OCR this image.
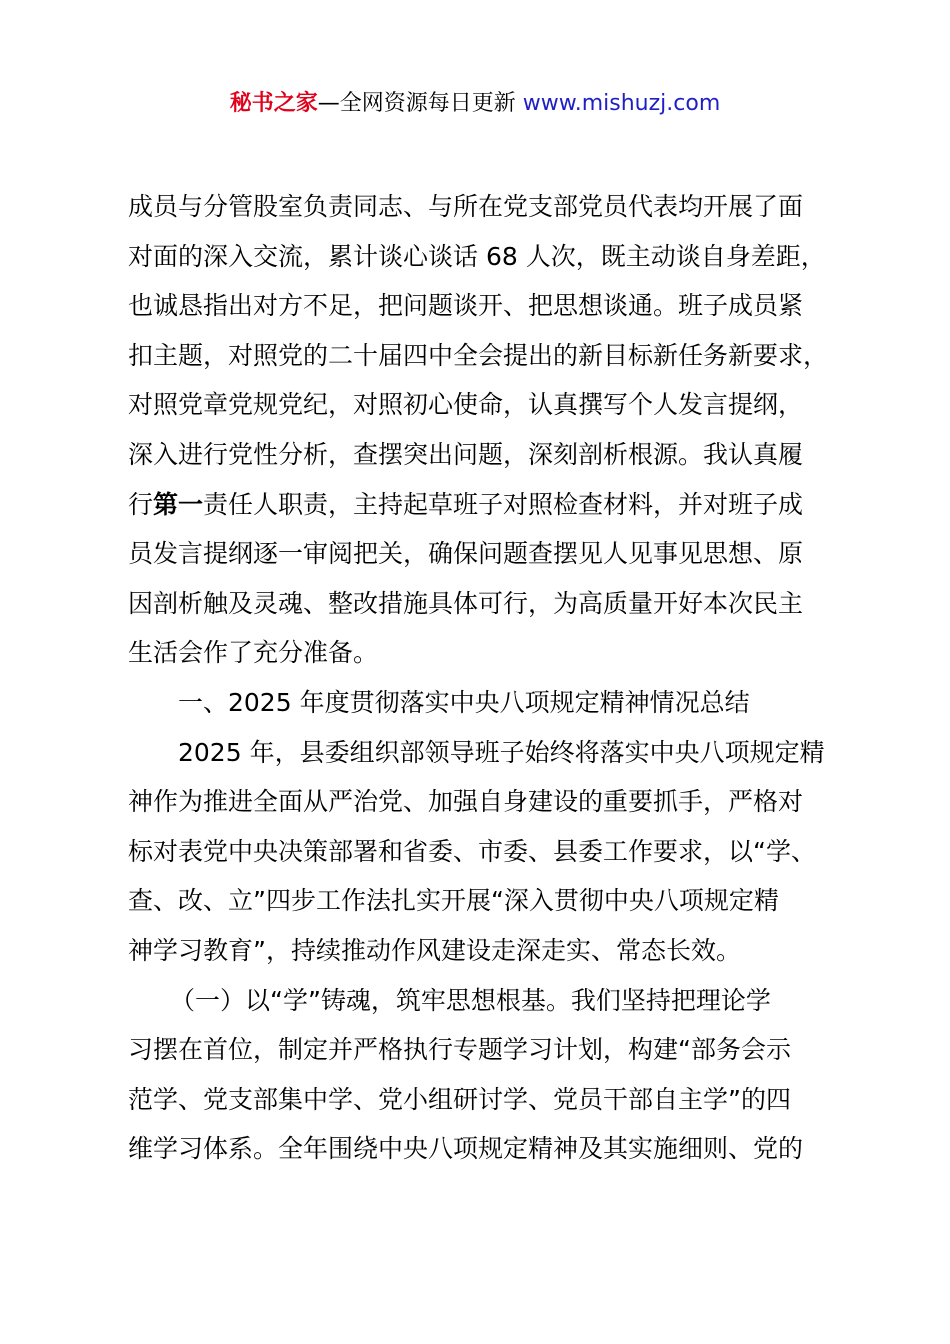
秘书之家—全网资源每日更新 www.mishuzj.com
成员与分管股室负责同志、与所在党支部党员代表均开展了面
对面的深入交流，累计谈心谈话 68 人次，既主动谈自身差距，
也诚恳指出对方不足，把问题谈开、把思想谈通。班子成员紧
扣主题，对照党的二十届四中全会提出的新目标新任务新要求，
对照党章党规党纪，对照初心使命，认真撰写个人发言提纲，
深入进行党性分析，查摆突出问题，深刻剖析根源。我认真履
行第一责任人职责，主持起草班子对照检查材料，并对班子成
员发言提纲逐一审阅把关，确保问题查摆见人见事见思想、原
因剖析触及灵魂、整改措施具体可行，为高质量开好本次民主
生活会作了充分准备。
一、2025 年度贯彻落实中央八项规定精神情况总结
2025 年，县委组织部领导班子始终将落实中央八项规定精
神作为推进全面从严治党、加强自身建设的重要抓手，严格对
标对表党中央决策部署和省委、市委、县委工作要求，以“学、
查、改、立”四步工作法扎实开展“深入贯彻中央八项规定精
神学习教育”，持续推动作风建设走深走实、常态长效。
（一）以“学”铸魂，筑牢思想根基。我们坚持把理论学
习摆在首位，制定并严格执行专题学习计划，构建“部务会示
范学、党支部集中学、党小组研讨学、党员干部自主学”的四
维学习体系。全年围绕中央八项规定精神及其实施细则、党的
